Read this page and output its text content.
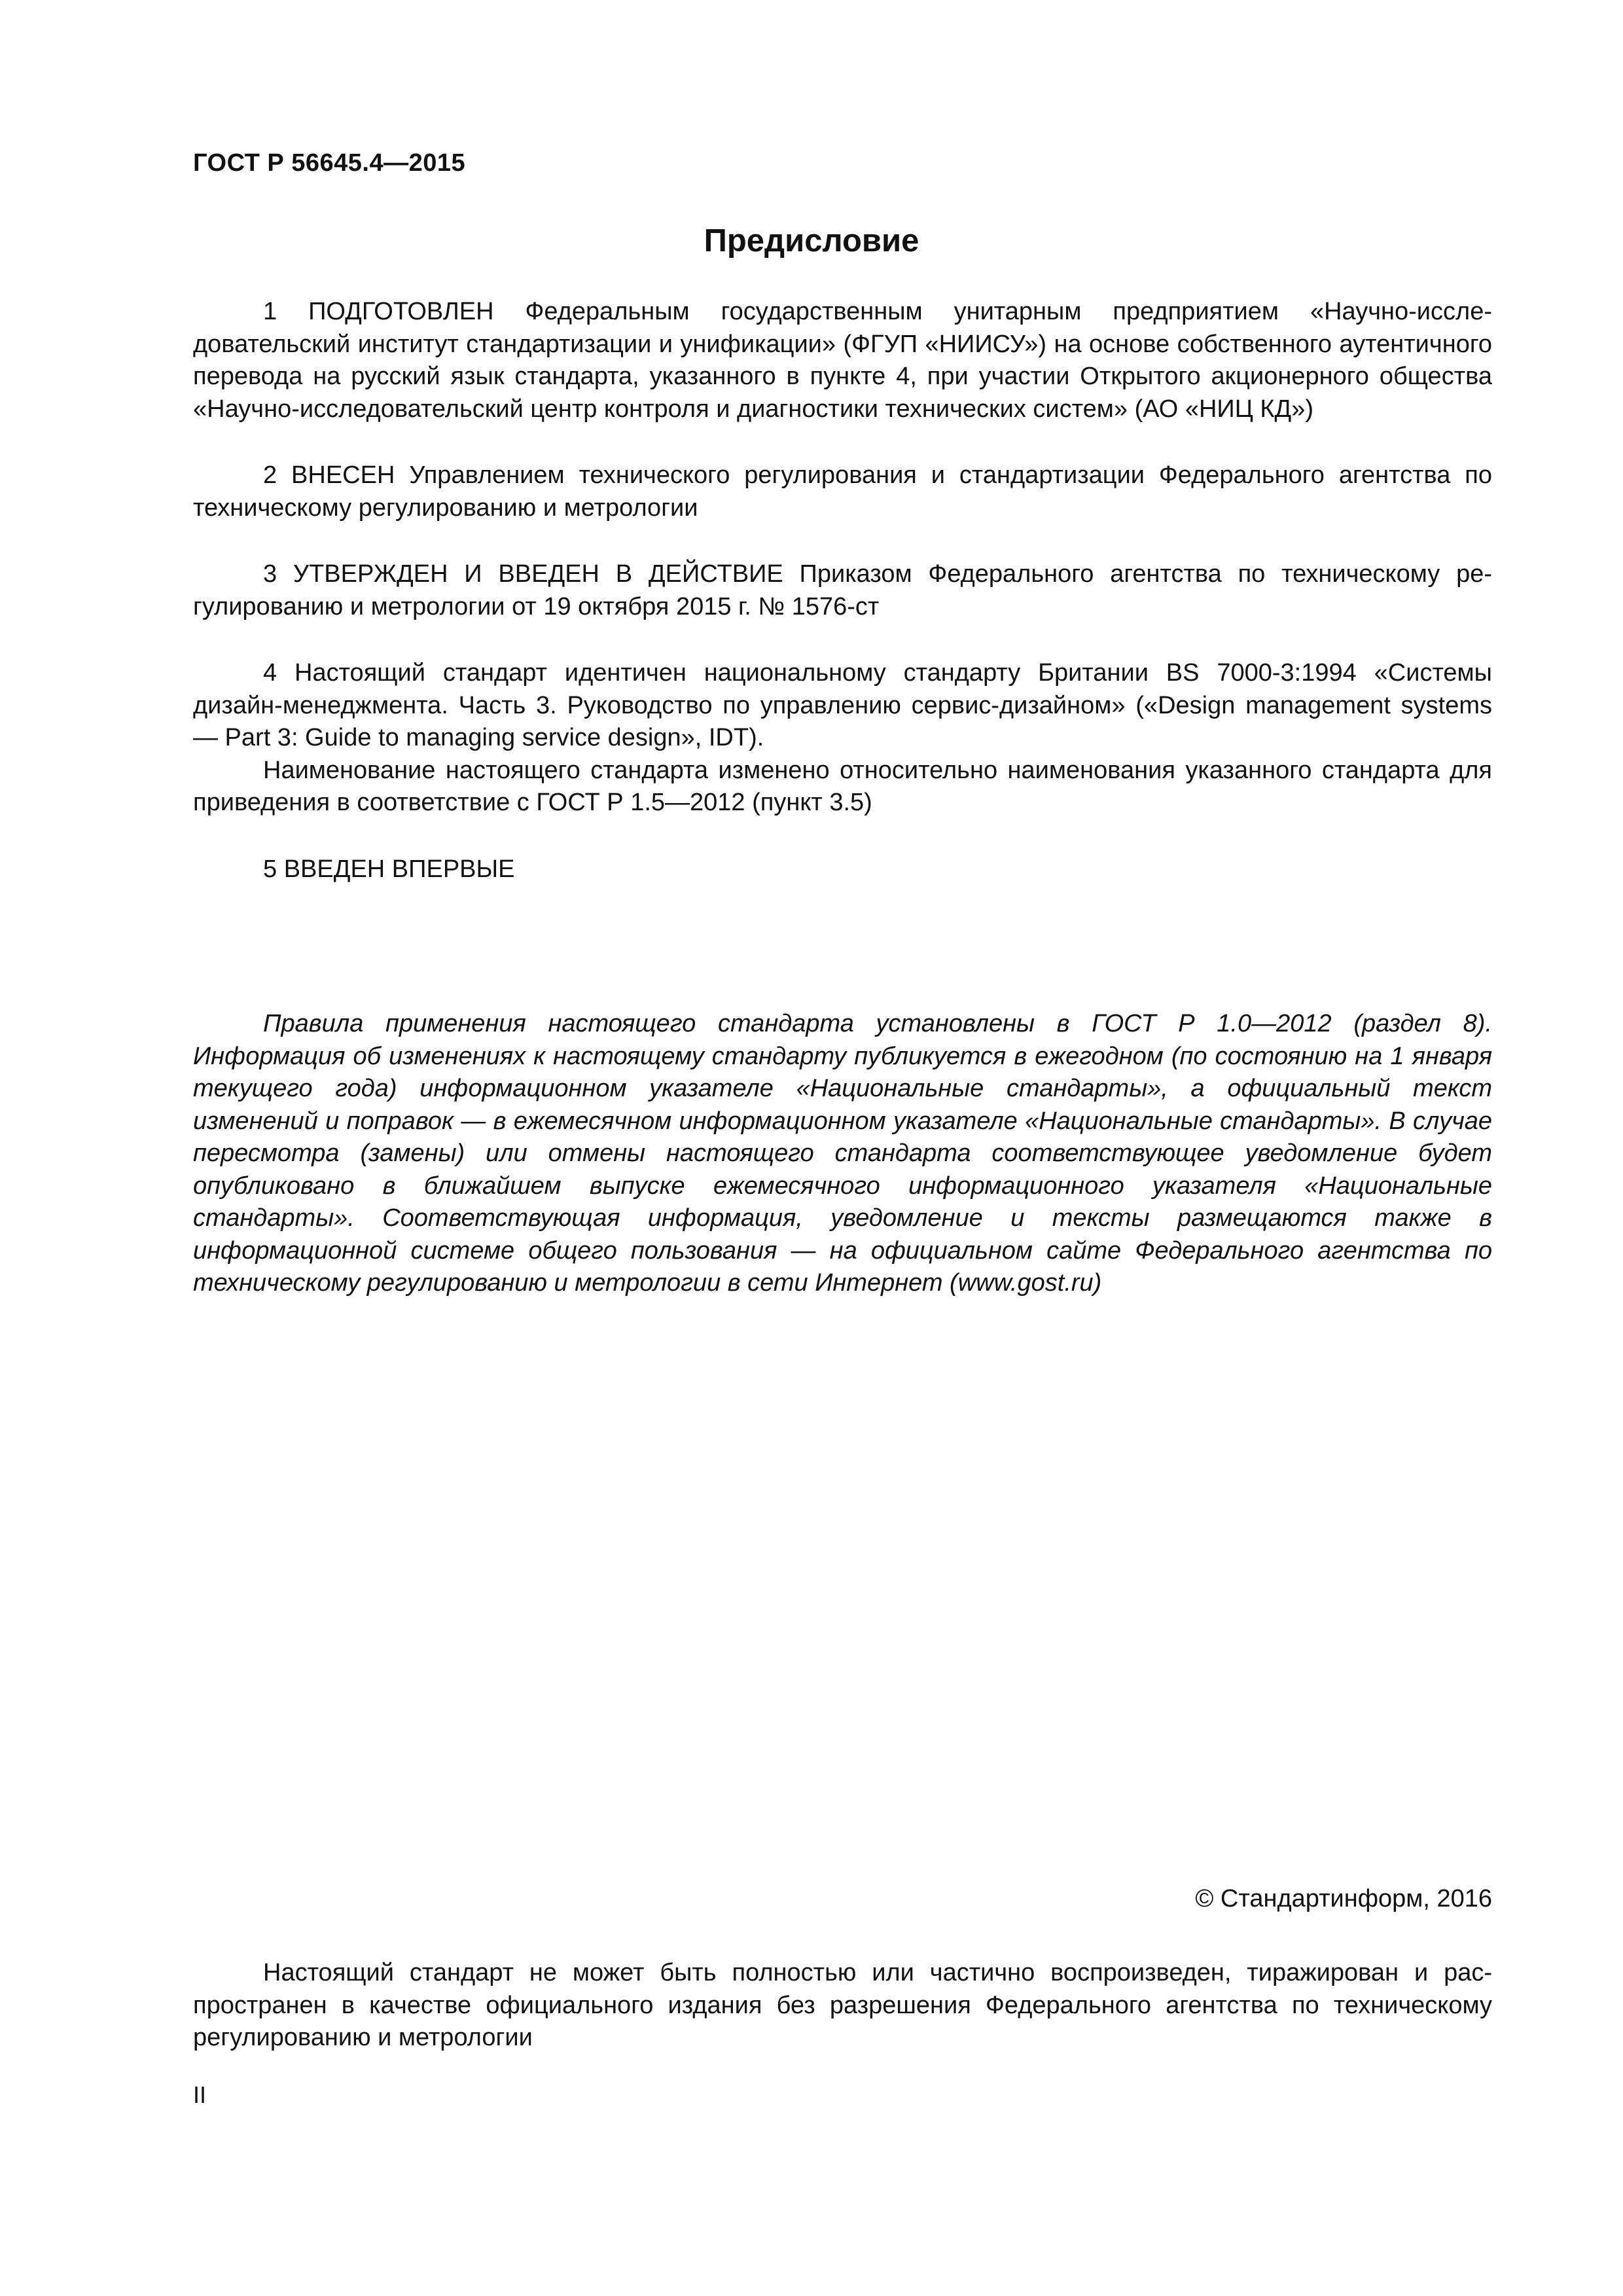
ГОСТ Р 56645.4—2015
Предисловие

1 ПОДГОТОВЛЕН Федеральным государственным унитарным предприятием «Научно-исследовательский институт стандартизации и унификации» (ФГУП «НИИСУ») на основе собственного аутентичного перевода на русский язык стандарта, указанного в пункте 4, при участии Открытого акционерного общества «Научно-исследовательский центр контроля и диагностики технических систем» (АО «НИЦ КД»)

2 ВНЕСЕН Управлением технического регулирования и стандартизации Федерального агентства по техническому регулированию и метрологии

3 УТВЕРЖДЕН И ВВЕДЕН В ДЕЙСТВИЕ Приказом Федерального агентства по техническому регулированию и метрологии от 19 октября 2015 г. № 1576-ст

4 Настоящий стандарт идентичен национальному стандарту Британии BS 7000-3:1994 «Системы дизайн-менеджмента. Часть 3. Руководство по управлению сервис-дизайном» («Design management systems — Part 3: Guide to managing service design», IDT).

Наименование настоящего стандарта изменено относительно наименования указанного стандарта для приведения в соответствие с ГОСТ Р 1.5—2012 (пункт 3.5)

5 ВВЕДЕН ВПЕРВЫЕ

Правила применения настоящего стандарта установлены в ГОСТ Р 1.0—2012 (раздел 8). Информация об изменениях к настоящему стандарту публикуется в ежегодном (по состоянию на 1 января текущего года) информационном указателе «Национальные стандарты», а официальный текст изменений и поправок — в ежемесячном информационном указателе «Национальные стандарты». В случае пересмотра (замены) или отмены настоящего стандарта соответствующее уведомление будет опубликовано в ближайшем выпуске ежемесячного информационного указателя «Национальные стандарты». Соответствующая информация, уведомление и тексты размещаются также в информационной системе общего пользования — на официальном сайте Федерального агентства по техническому регулированию и метрологии в сети Интернет (www.gost.ru)
© Стандартинформ, 2016
Настоящий стандарт не может быть полностью или частично воспроизведен, тиражирован и распространен в качестве официального издания без разрешения Федерального агентства по техническому регулированию и метрологии
II
